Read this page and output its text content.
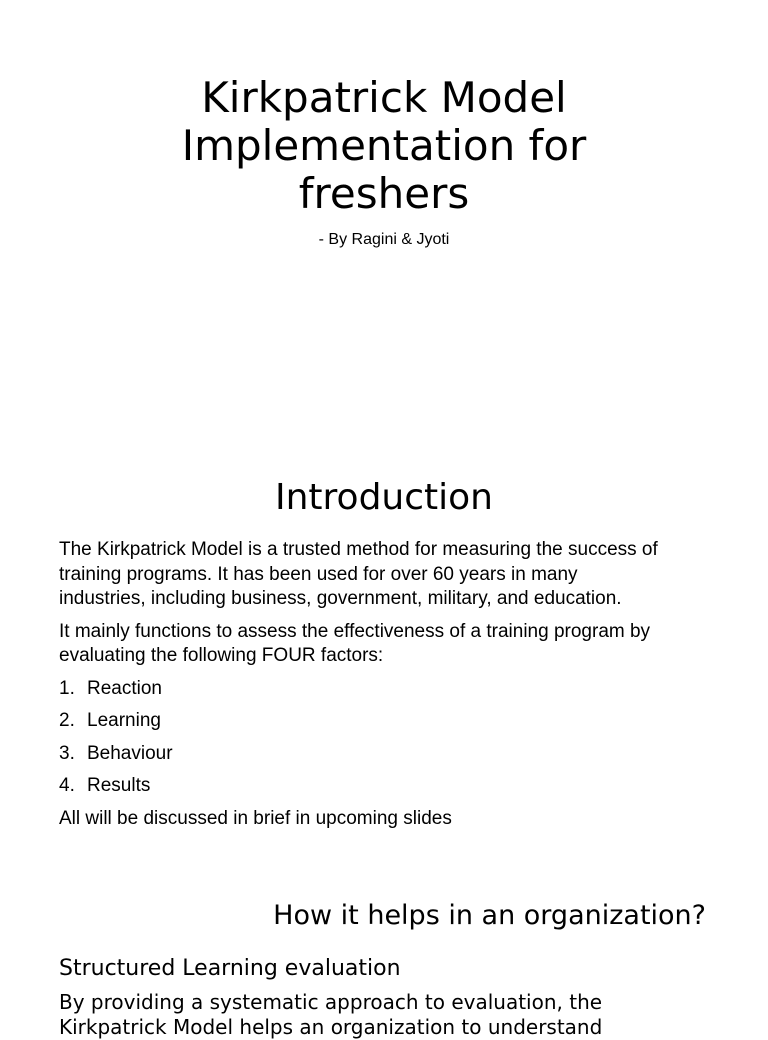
Kirkpatrick Model
Implementation for
freshers
- By Ragini & Jyoti
Introduction

The Kirkpatrick Model is a trusted method for measuring the success of
training programs. It has been used for over 60 years in many
industries, including business, government, military, and education.

It mainly functions to assess the effectiveness of a training program by
evaluating the following FOUR factors:

1. Reaction
2. Learning
3. Behaviour
4. Results

All will be discussed in brief in upcoming slides

How it helps in an organization?
Structured Learning evaluation

By providing a systematic approach to evaluation, the
Kirkpatrick Model helps an organization to understand
